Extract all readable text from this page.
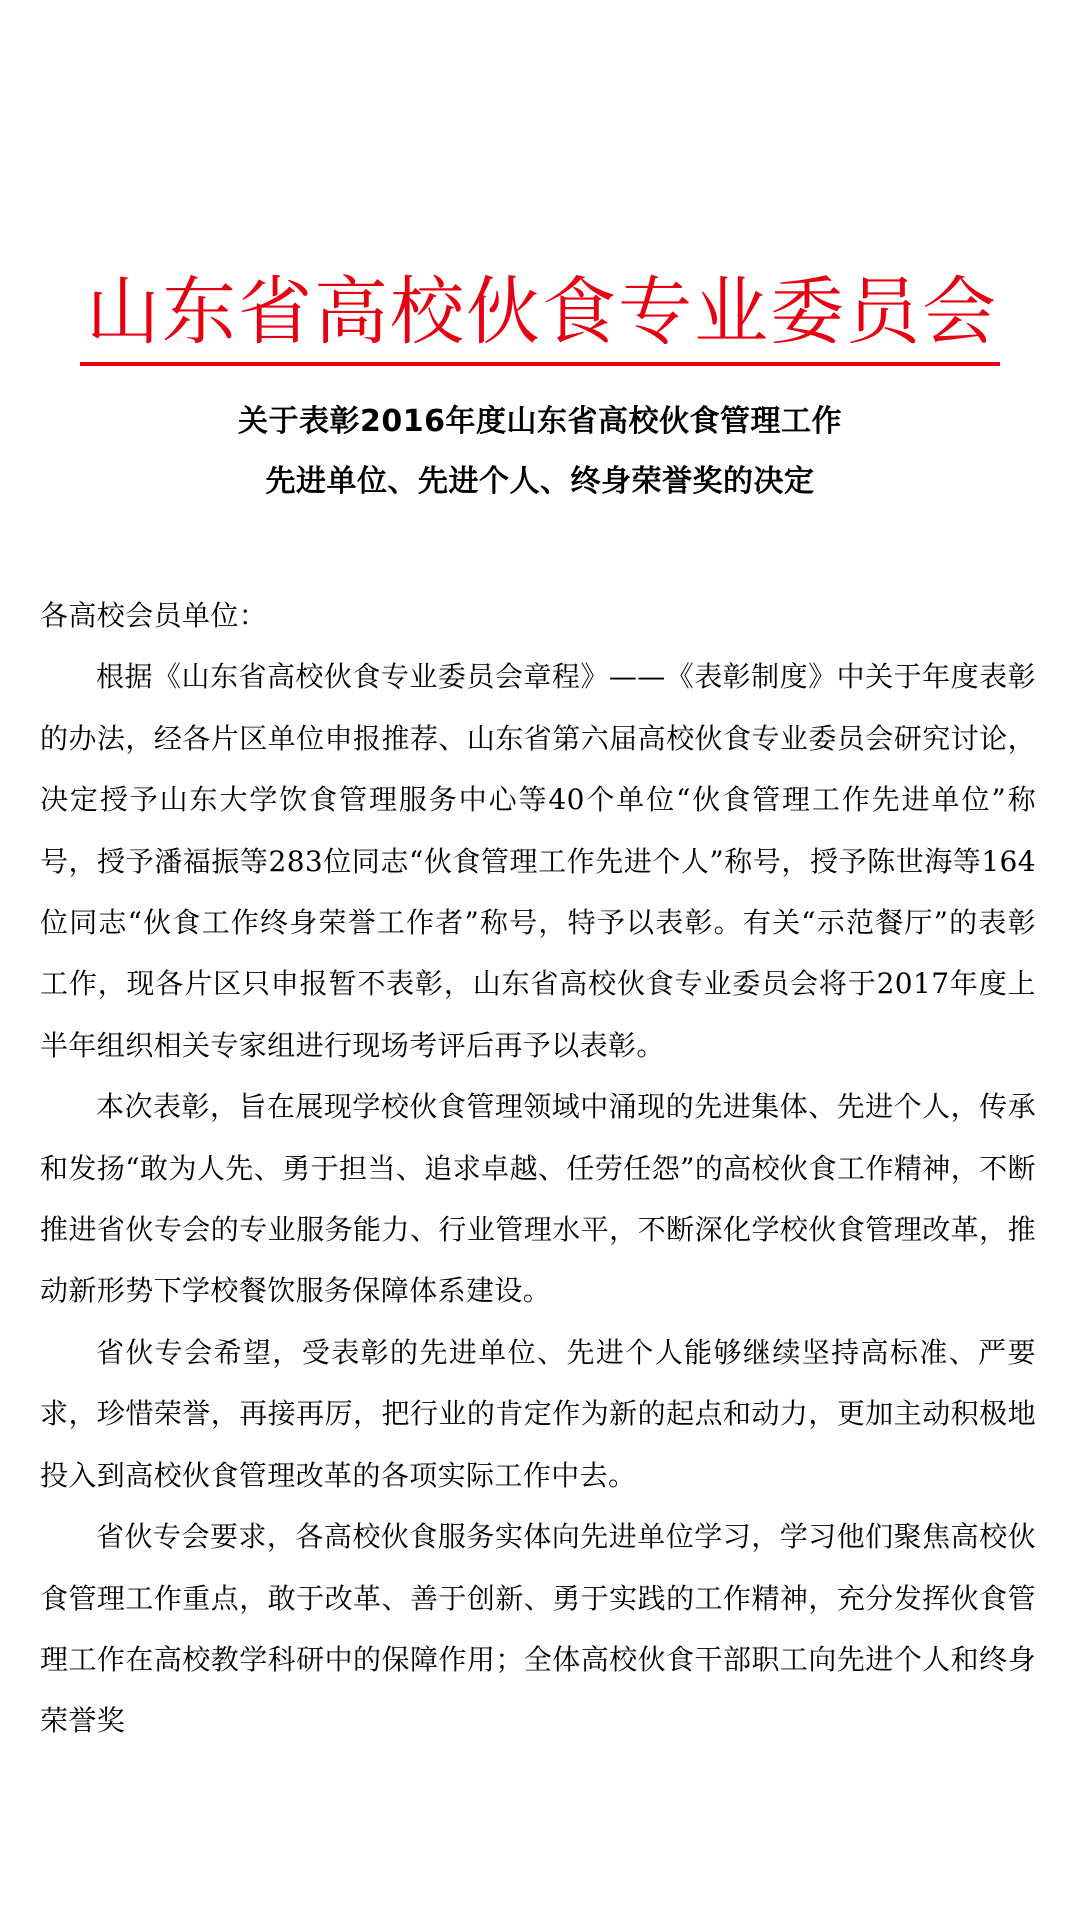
山东省高校伙食专业委员会
关于表彰2016年度山东省高校伙食管理工作
先进单位、先进个人、终身荣誉奖的决定

各高校会员单位：

根据《山东省高校伙食专业委员会章程》——《表彰制度》中关于年度表彰的办法，经各片区单位申报推荐、山东省第六届高校伙食专业委员会研究讨论，决定授予山东大学饮食管理服务中心等40个单位“伙食管理工作先进单位”称号，授予潘福振等283位同志“伙食管理工作先进个人”称号，授予陈世海等164位同志“伙食工作终身荣誉工作者”称号，特予以表彰。有关“示范餐厅”的表彰工作，现各片区只申报暂不表彰，山东省高校伙食专业委员会将于2017年度上半年组织相关专家组进行现场考评后再予以表彰。

本次表彰，旨在展现学校伙食管理领域中涌现的先进集体、先进个人，传承和发扬“敢为人先、勇于担当、追求卓越、任劳任怨”的高校伙食工作精神，不断推进省伙专会的专业服务能力、行业管理水平，不断深化学校伙食管理改革，推动新形势下学校餐饮服务保障体系建设。

省伙专会希望，受表彰的先进单位、先进个人能够继续坚持高标准、严要求，珍惜荣誉，再接再厉，把行业的肯定作为新的起点和动力，更加主动积极地投入到高校伙食管理改革的各项实际工作中去。

省伙专会要求，各高校伙食服务实体向先进单位学习，学习他们聚焦高校伙食管理工作重点，敢于改革、善于创新、勇于实践的工作精神，充分发挥伙食管理工作在高校教学科研中的保障作用；全体高校伙食干部职工向先进个人和终身荣誉奖
